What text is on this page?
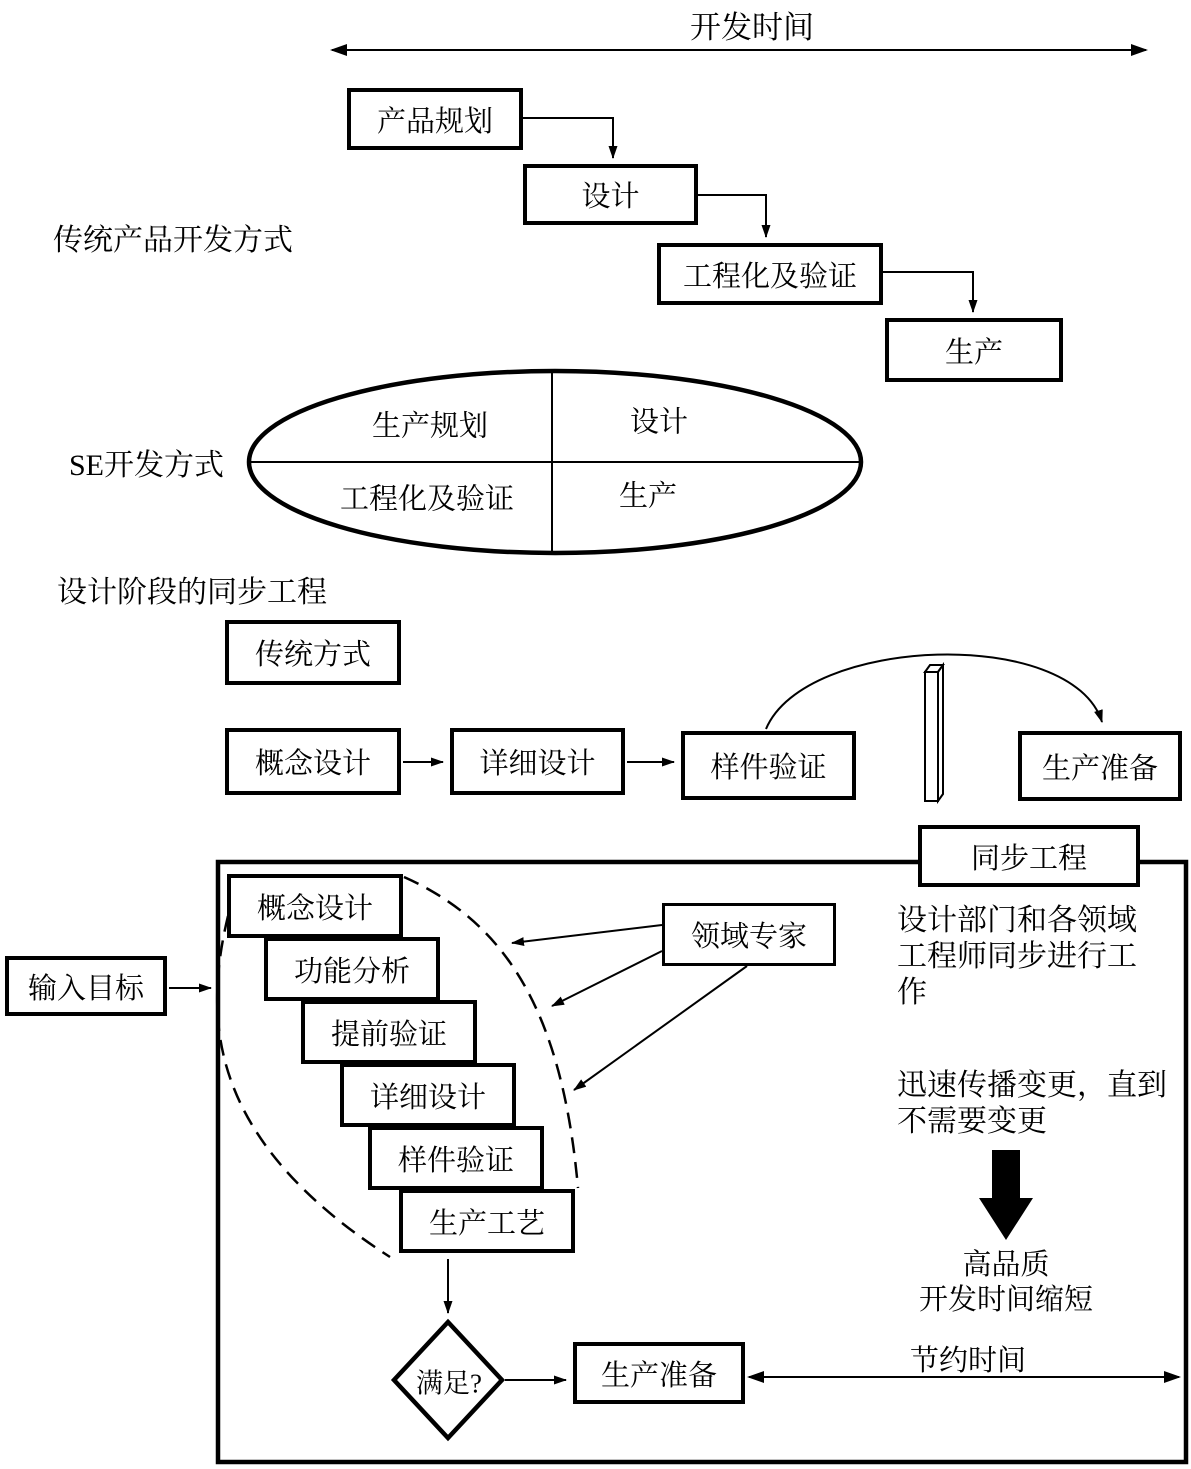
开发时间
传统产品开发方式
产品规划
设计
工程化及验证
生产
SE开发方式
生产规划	设计
工程化及验证	生产
设计阶段的同步工程
传统方式
概念设计	详细设计	样件验证	生产准备
同步工程
输入目标
概念设计
功能分析
提前验证
详细设计
样件验证
生产工艺
领域专家	设计部门和各领域工程师同步进行工作
迅速传播变更，直到不需要变更
高品质
开发时间缩短
节约时间
满足?	生产准备
